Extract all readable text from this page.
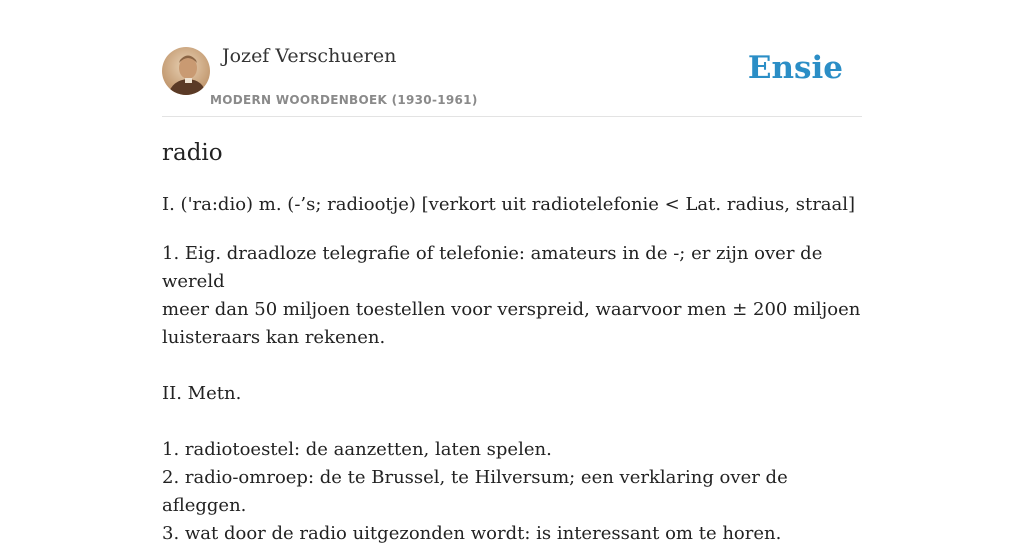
Jozef Verschueren
MODERN WOORDENBOEK (1930-1961)
Ensie
radio
I. ('ra:dio) m. (-’s; radiootje) [verkort uit radiotelefonie < Lat. radius, straal]

1. Eig. draadloze telegrafie of telefonie: amateurs in de -; er zijn over de wereld

meer dan 50 miljoen toestellen voor verspreid, waarvoor men ± 200 miljoen

luisteraars kan rekenen.

II. Metn.

1. radiotoestel: de aanzetten, laten spelen.

2. radio-omroep: de te Brussel, te Hilversum; een verklaring over de afleggen.

3. wat door de radio uitgezonden wordt: is interessant om te horen.
